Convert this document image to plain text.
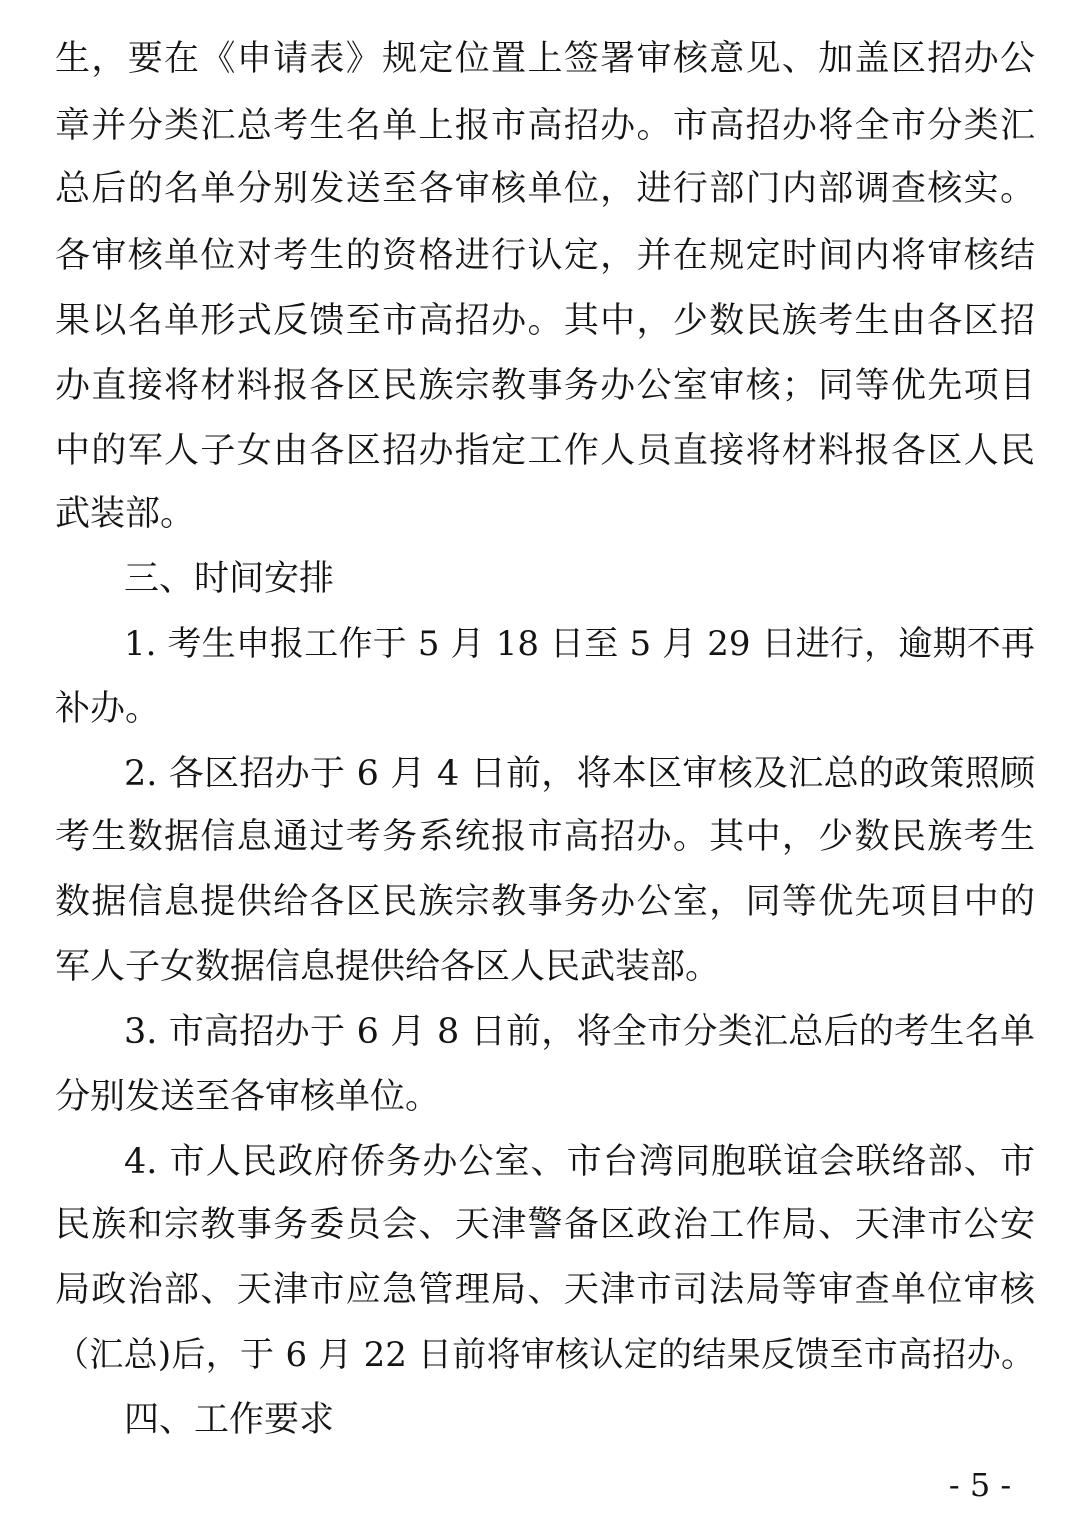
生，要在《申请表》规定位置上签署审核意见、加盖区招办公
章并分类汇总考生名单上报市高招办。市高招办将全市分类汇
总后的名单分别发送至各审核单位，进行部门内部调查核实。
各审核单位对考生的资格进行认定，并在规定时间内将审核结
果以名单形式反馈至市高招办。其中，少数民族考生由各区招
办直接将材料报各区民族宗教事务办公室审核；同等优先项目
中的军人子女由各区招办指定工作人员直接将材料报各区人民
武装部。
三、时间安排
1. 考生申报工作于 5 月 18 日至 5 月 29 日进行，逾期不再
补办。
2. 各区招办于 6 月 4 日前，将本区审核及汇总的政策照顾
考生数据信息通过考务系统报市高招办。其中，少数民族考生
数据信息提供给各区民族宗教事务办公室，同等优先项目中的
军人子女数据信息提供给各区人民武装部。
3. 市高招办于 6 月 8 日前，将全市分类汇总后的考生名单
分别发送至各审核单位。
4. 市人民政府侨务办公室、市台湾同胞联谊会联络部、市
民族和宗教事务委员会、天津警备区政治工作局、天津市公安
局政治部、天津市应急管理局、天津市司法局等审查单位审核
（汇总)后，于 6 月 22 日前将审核认定的结果反馈至市高招办。
四、工作要求
- 5 -
